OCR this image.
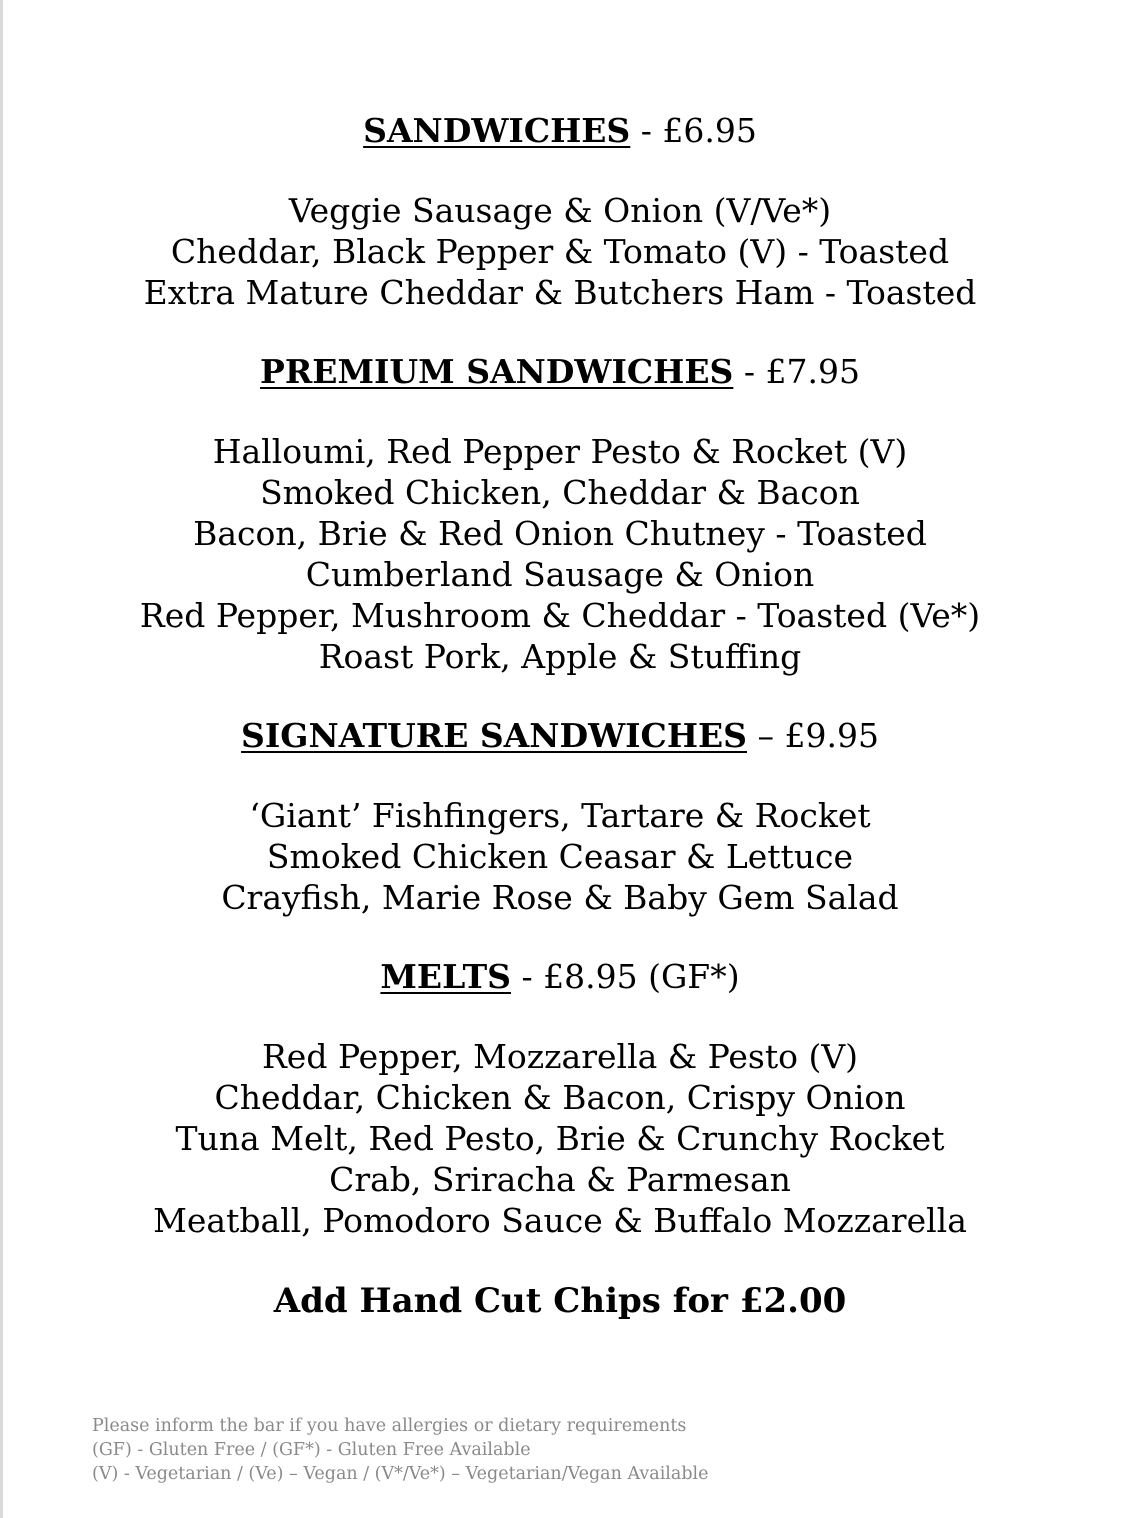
SANDWICHES - £6.95

Veggie Sausage & Onion (V/Ve*)
Cheddar, Black Pepper & Tomato (V) - Toasted
Extra Mature Cheddar & Butchers Ham - Toasted

PREMIUM SANDWICHES - £7.95

Halloumi, Red Pepper Pesto & Rocket (V)
Smoked Chicken, Cheddar & Bacon
Bacon, Brie & Red Onion Chutney - Toasted
Cumberland Sausage & Onion
Red Pepper, Mushroom & Cheddar - Toasted (Ve*)
Roast Pork, Apple & Stuffing

SIGNATURE SANDWICHES – £9.95

‘Giant’ Fishfingers, Tartare & Rocket
Smoked Chicken Ceasar & Lettuce
Crayfish, Marie Rose & Baby Gem Salad

MELTS - £8.95 (GF*)

Red Pepper, Mozzarella & Pesto (V)
Cheddar, Chicken & Bacon, Crispy Onion
Tuna Melt, Red Pesto, Brie & Crunchy Rocket
Crab, Sriracha & Parmesan
Meatball, Pomodoro Sauce & Buffalo Mozzarella

Add Hand Cut Chips for £2.00

Please inform the bar if you have allergies or dietary requirements
(GF) - Gluten Free / (GF*) - Gluten Free Available
(V) - Vegetarian / (Ve) – Vegan / (V*/Ve*) – Vegetarian/Vegan Available
